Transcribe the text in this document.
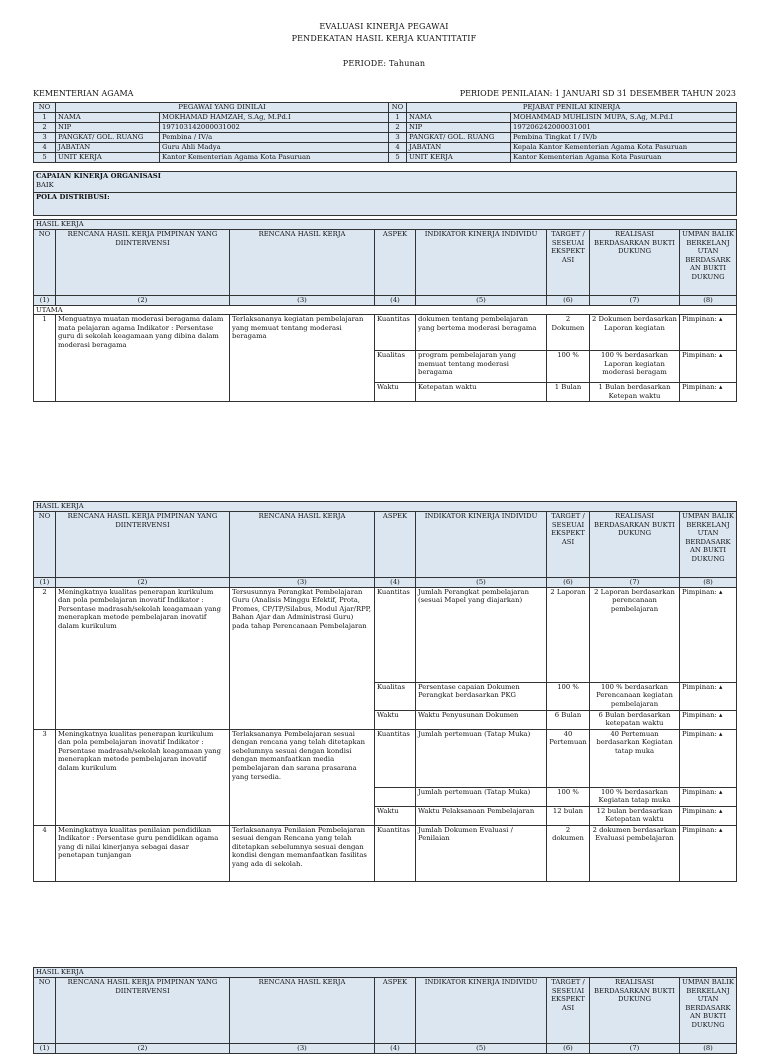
EVALUASI KINERJA PEGAWAI
PENDEKATAN HASIL KERJA KUANTITATIF
PERIODE: Tahunan
KEMENTERIAN AGAMA	PERIODE PENILAIAN: 1 JANUARI SD 31 DESEMBER TAHUN 2023
NO	PEGAWAI YANG DINILAI		NO	PEJABAT PENILAI KINERJA	
1	NAMA	MOKHAMAD HAMZAH, S.Ag, M.Pd.I	1	NAMA	MOHAMMAD MUHLISIN MUPA, S.Ag, M.Pd.I
2	NIP	197103142000031002	2	NIP	197206242000031001
3	PANGKAT/ GOL. RUANG	Pembina / IV/a	3	PANGKAT/ GOL. RUANG	Pembina Tingkat I / IV/b
4	JABATAN	Guru Ahli Madya	4	JABATAN	Kepala Kantor Kementerian Agama Kota Pasuruan
5	UNIT KERJA	Kantor Kementerian Agama Kota Pasuruan	5	UNIT KERJA	Kantor Kementerian Agama Kota Pasuruan
CAPAIAN KINERJA ORGANISASI
BAIK

POLA DISTRIBUSI:
HASIL KERJA							
NO	RENCANA HASIL KERJA PIMPINAN YANG DIINTERVENSI	RENCANA HASIL KERJA	ASPEK	INDIKATOR KINERJA INDIVIDU	TARGET / SESEUAI EKSPEKT ASI	REALISASI BERDASARKAN BUKTI DUKUNG	UMPAN BALIK BERKELANJ UTAN BERDASARK AN BUKTI DUKUNG
(1)	(2)	(3)	(4)	(5)	(6)	(7)	(8)
UTAMA							
1	Menguatnya muatan moderasi beragama dalam mata pelajaran agama Indikator : Persentase guru di sekolah keagamaan yang dibina dalam moderasi beragama	Terlaksananya kegiatan pembelajaran yang memuat tentang moderasi beragama	Kuantitas	dokumen tentang pembelajaran yang bertema moderasi beragama	2 Dokumen	2 Dokumen berdasarkan Laporan kegiatan	Pimpinan: ▴
			Kualitas	program pembelajaran yang memuat tentang moderasi beragama	100 %	100 % berdasarkan Laporan kegiatan moderasi beragam	Pimpinan: ▴
			Waktu	Ketepatan waktu	1 Bulan	1 Bulan berdasarkan Ketepan waktu	Pimpinan: ▴
HASIL KERJA							
NO	RENCANA HASIL KERJA PIMPINAN YANG DIINTERVENSI	RENCANA HASIL KERJA	ASPEK	INDIKATOR KINERJA INDIVIDU	TARGET / SESEUAI EKSPEKT ASI	REALISASI BERDASARKAN BUKTI DUKUNG	UMPAN BALIK BERKELANJ UTAN BERDASARK AN BUKTI DUKUNG
(1)	(2)	(3)	(4)	(5)	(6)	(7)	(8)
2	Meningkatnya kualitas penerapan kurikulum dan pola pembelajaran inovatif Indikator : Persentase madrasah/sekolah keagamaan yang menerapkan metode pembelajaran inovatif dalam kurikulum	Tersusunnya Perangkat Pembelajaran Guru (Analisis Minggu Efektif, Prota, Promes, CP/TP/Silabus, Modul Ajar/RPP, Bahan Ajar dan Administrasi Guru) pada tahap Perencanaan Pembelajaran	Kuantitas	Jumlah Perangkat pembelajaran (sesuai Mapel yang diajarkan)	2 Laporan	2 Laporan berdasarkan perencanaan pembelajaran	Pimpinan: ▴
			Kualitas	Persentase capaian Dokumen Perangkat berdasarkan PKG	100 %	100 % berdasarkan Perencanaan kegiatan pembelajaran	Pimpinan: ▴
			Waktu	Waktu Penyusunan Dokumen	6 Bulan	6 Bulan berdasarkan ketepatan waktu	Pimpinan: ▴
3	Meningkatnya kualitas penerapan kurikulum dan pola pembelajaran inovatif Indikator : Persentase madrasah/sekolah keagamaan yang menerapkan metode pembelajaran inovatif dalam kurikulum	Terlaksananya Pembelajaran sesuai dengan rencana yang telah ditetapkan sebelumnya sesuai dengan kondisi dengan memanfaatkan media pembelajaran dan sarana prasarana yang tersedia.	Kuantitas	Jumlah pertemuan (Tatap Muka)	40 Pertemuan	40 Pertemuan berdasarkan Kegiatan tatap muka	Pimpinan: ▴
				Jumlah pertemuan (Tatap Muka)	100 %	100 % berdasarkan Kegiatan tatap muka	Pimpinan: ▴
			Waktu	Waktu Pelaksanaan Pembelajaran	12 bulan	12 bulan berdasarkan Ketepatan waktu	Pimpinan: ▴
4	Meningkatnya kualitas penilaian pendidikan Indikator : Persentase guru pendidikan agama yang di nilai kinerjanya sebagai dasar penetapan tunjangan	Terlaksananya Penilaian Pembelajaran sesuai dengan Rencana yang telah ditetapkan sebelumnya sesuai dengan kondisi dengan memanfaatkan fasilitas yang ada di sekolah.	Kuantitas	Jumlah Dokumen Evaluasi / Penilaian	2 dokumen	2 dokumen berdasarkan Evaluasi pembelajaran	Pimpinan: ▴
HASIL KERJA							
NO	RENCANA HASIL KERJA PIMPINAN YANG DIINTERVENSI	RENCANA HASIL KERJA	ASPEK	INDIKATOR KINERJA INDIVIDU	TARGET / SESEUAI EKSPEKT ASI	REALISASI BERDASARKAN BUKTI DUKUNG	UMPAN BALIK BERKELANJ UTAN BERDASARK AN BUKTI DUKUNG
(1)	(2)	(3)	(4)	(5)	(6)	(7)	(8)
